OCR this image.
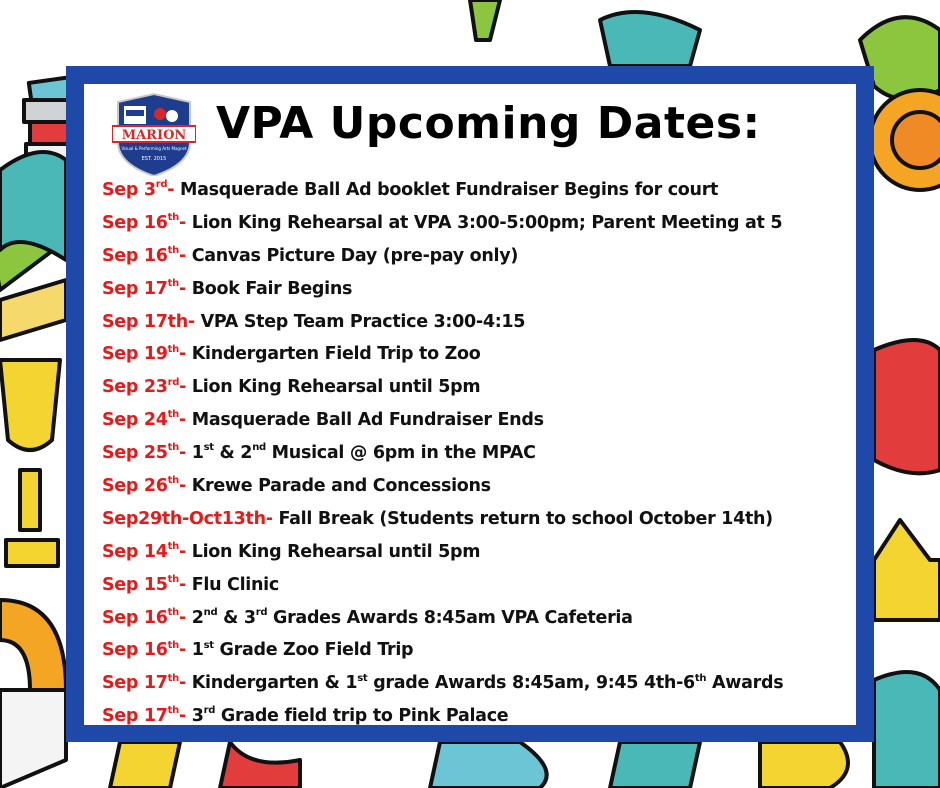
MARION
Visual & Performing Arts Magnet
EST. 2015
VPA Upcoming Dates:
Sep 3rd- Masquerade Ball Ad booklet Fundraiser Begins for court
Sep 16th- Lion King Rehearsal at VPA 3:00-5:00pm; Parent Meeting at 5
Sep 16th- Canvas Picture Day (pre-pay only)
Sep 17th- Book Fair Begins
Sep 17th- VPA Step Team Practice 3:00-4:15
Sep 19th- Kindergarten Field Trip to Zoo
Sep 23rd- Lion King Rehearsal until 5pm
Sep 24th- Masquerade Ball Ad Fundraiser Ends
Sep 25th- 1st & 2nd Musical @ 6pm in the MPAC
Sep 26th- Krewe Parade and Concessions
Sep29th-Oct13th- Fall Break (Students return to school October 14th)
Sep 14th- Lion King Rehearsal until 5pm
Sep 15th- Flu Clinic
Sep 16th- 2nd & 3rd Grades Awards 8:45am VPA Cafeteria
Sep 16th- 1st Grade Zoo Field Trip
Sep 17th- Kindergarten & 1st grade Awards 8:45am, 9:45 4th-6th Awards
Sep 17th- 3rd Grade field trip to Pink Palace
